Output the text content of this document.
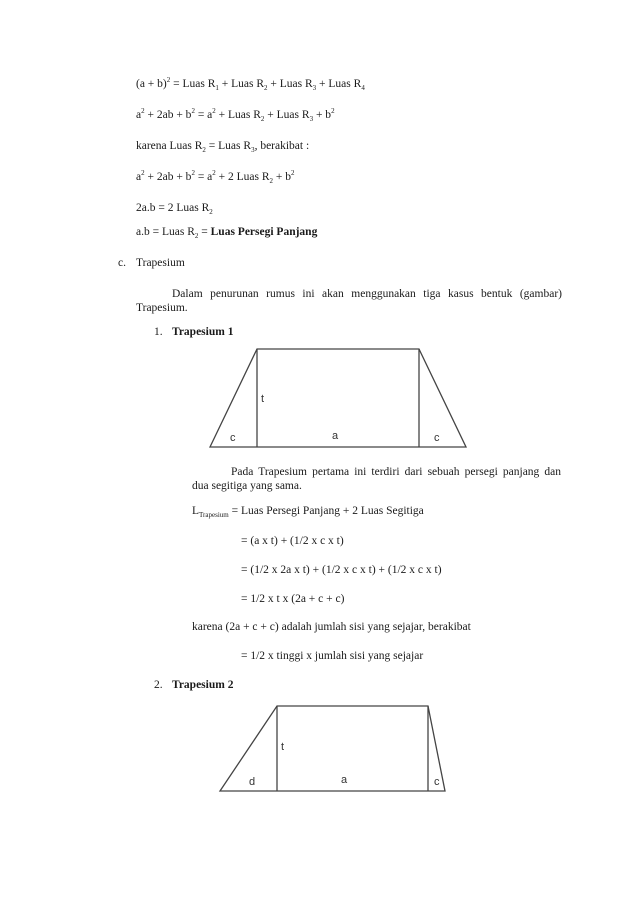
$(a + b)^2$ = Luas $R_1$ + Luas $R_2$ + Luas $R_3$ + Luas $R_4$
$a^2 + 2ab + b^2 = a^2$ + Luas $R_2$ + Luas $R_3 + b^2$
karena Luas $R_2$ = Luas $R_3$, berakibat :
$a^2 + 2ab + b^2 = a^2 + 2$ Luas $R_2 + b^2$
2a.b = 2 Luas $R_2$
a.b = Luas $R_2$ = Luas Persegi Panjang
c. Trapesium
Dalam penurunan rumus ini akan menggunakan tiga kasus bentuk (gambar)
Trapesium.
1. Trapesium 1
c
t
a	c
Pada Trapesium pertama ini terdiri dari sebuah persegi panjang dan
dua segitiga yang sama.
$L_{Trapesium}$ = Luas Persegi Panjang + 2 Luas Segitiga
= (a x t) + (1/2 x c x t)
= (1/2 x 2a x t) + (1/2 x c x t) + (1/2 x c x t)
= 1/2 x t x (2a + c + c)
karena (2a + c + c) adalah jumlah sisi yang sejajar, berakibat
= 1/2 x tinggi x jumlah sisi yang sejajar
2. Trapesium 2
d
t
a	c
